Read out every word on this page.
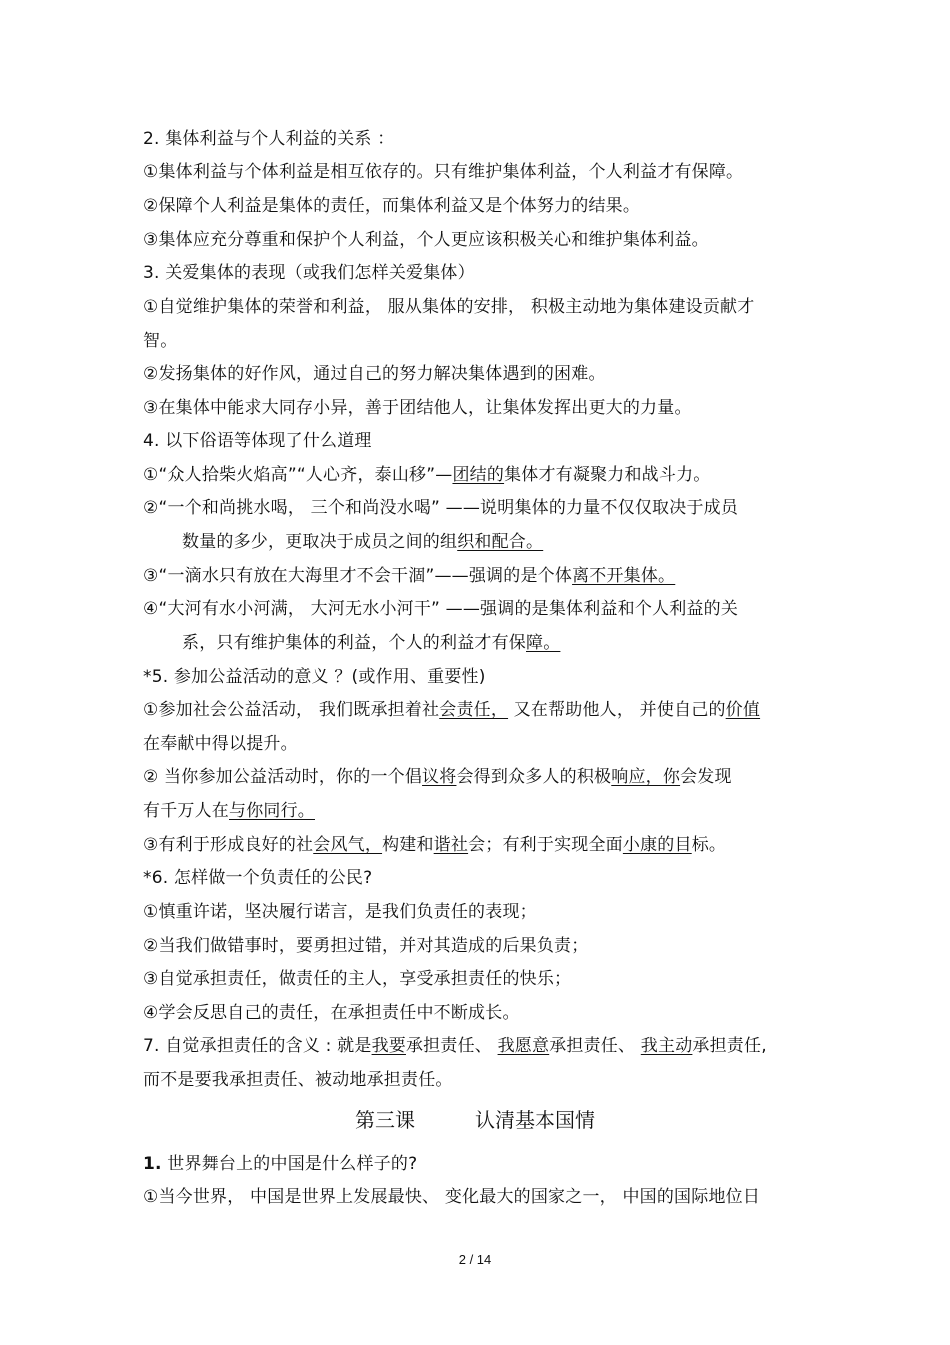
2. 集体利益与个人利益的关系 ：
①集体利益与个体利益是相互依存的。只有维护集体利益，个人利益才有保障。
②保障个人利益是集体的责任，而集体利益又是个体努力的结果。
③集体应充分尊重和保护个人利益，个人更应该积极关心和维护集体利益。
3. 关爱集体的表现（或我们怎样关爱集体）
①自觉维护集体的荣誉和利益， 服从集体的安排， 积极主动地为集体建设贡献才
智。
②发扬集体的好作风，通过自己的努力解决集体遇到的困难。
③在集体中能求大同存小异，善于团结他人，让集体发挥出更大的力量。
4. 以下俗语等体现了什么道理
①“众人拾柴火焰高”“人心齐，泰山移”—团结的集体才有凝聚力和战斗力。
②“一个和尚挑水喝， 三个和尚没水喝” ——说明集体的力量不仅仅取决于成员
数量的多少，更取决于成员之间的组织和配合。
③“一滴水只有放在大海里才不会干涸”——强调的是个体离不开集体。
④“大河有水小河满， 大河无水小河干” ——强调的是集体利益和个人利益的关
系，只有维护集体的利益，个人的利益才有保障。
*5. 参加公益活动的意义 ？(或作用、重要性)
①参加社会公益活动， 我们既承担着社会责任， 又在帮助他人， 并使自己的价值
在奉献中得以提升。
② 当你参加公益活动时，你的一个倡议将会得到众多人的积极响应，你会发现
有千万人在与你同行。
③有利于形成良好的社会风气，构建和谐社会；有利于实现全面小康的目标。
*6. 怎样做一个负责任的公民?
①慎重许诺，坚决履行诺言，是我们负责任的表现；
②当我们做错事时，要勇担过错，并对其造成的后果负责；
③自觉承担责任，做责任的主人，享受承担责任的快乐；
④学会反思自己的责任，在承担责任中不断成长。
7. 自觉承担责任的含义 : 就是我要承担责任、 我愿意承担责任、 我主动承担责任,
而不是要我承担责任、被动地承担责任。
第三课	认清基本国情
1. 世界舞台上的中国是什么样子的?
①当今世界， 中国是世界上发展最快、 变化最大的国家之一， 中国的国际地位日
2 / 14
